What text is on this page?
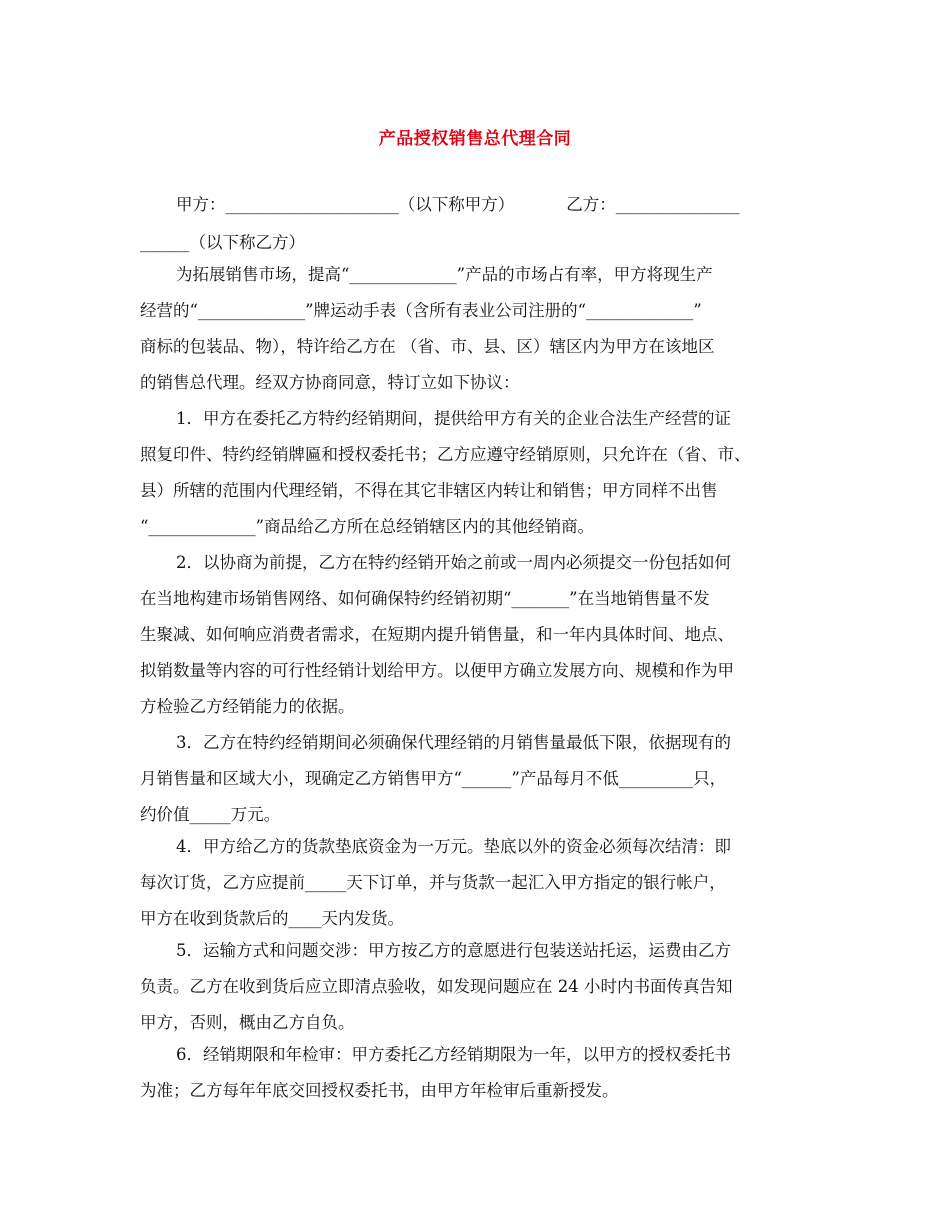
产品授权销售总代理合同
甲方：_____________________（以下称甲方）	乙方：_______________
______（以下称乙方）
为拓展销售市场，提高“_____________”产品的市场占有率，甲方将现生产
经营的“_____________”牌运动手表（含所有表业公司注册的“_____________”
商标的包装品、物），特许给乙方在 （省、市、县、区）辖区内为甲方在该地区
的销售总代理。经双方协商同意，特订立如下协议：
1．甲方在委托乙方特约经销期间，提供给甲方有关的企业合法生产经营的证
照复印件、特约经销牌匾和授权委托书；乙方应遵守经销原则，只允许在（省、市、
县）所辖的范围内代理经销，不得在其它非辖区内转让和销售；甲方同样不出售
“_____________”商品给乙方所在总经销辖区内的其他经销商。
2．以协商为前提，乙方在特约经销开始之前或一周内必须提交一份包括如何
在当地构建市场销售网络、如何确保特约经销初期“_______”在当地销售量不发
生聚减、如何响应消费者需求，在短期内提升销售量，和一年内具体时间、地点、
拟销数量等内容的可行性经销计划给甲方。以便甲方确立发展方向、规模和作为甲
方检验乙方经销能力的依据。
3．乙方在特约经销期间必须确保代理经销的月销售量最低下限，依据现有的
月销售量和区域大小，现确定乙方销售甲方“______”产品每月不低_________只，
约价值_____万元。
4．甲方给乙方的货款垫底资金为一万元。垫底以外的资金必须每次结清：即
每次订货，乙方应提前_____天下订单，并与货款一起汇入甲方指定的银行帐户，
甲方在收到货款后的____天内发货。
5．运输方式和问题交涉：甲方按乙方的意愿进行包装送站托运，运费由乙方
负责。乙方在收到货后应立即清点验收，如发现问题应在 24 小时内书面传真告知
甲方，否则，概由乙方自负。
6．经销期限和年检审：甲方委托乙方经销期限为一年，以甲方的授权委托书
为准；乙方每年年底交回授权委托书，由甲方年检审后重新授发。
